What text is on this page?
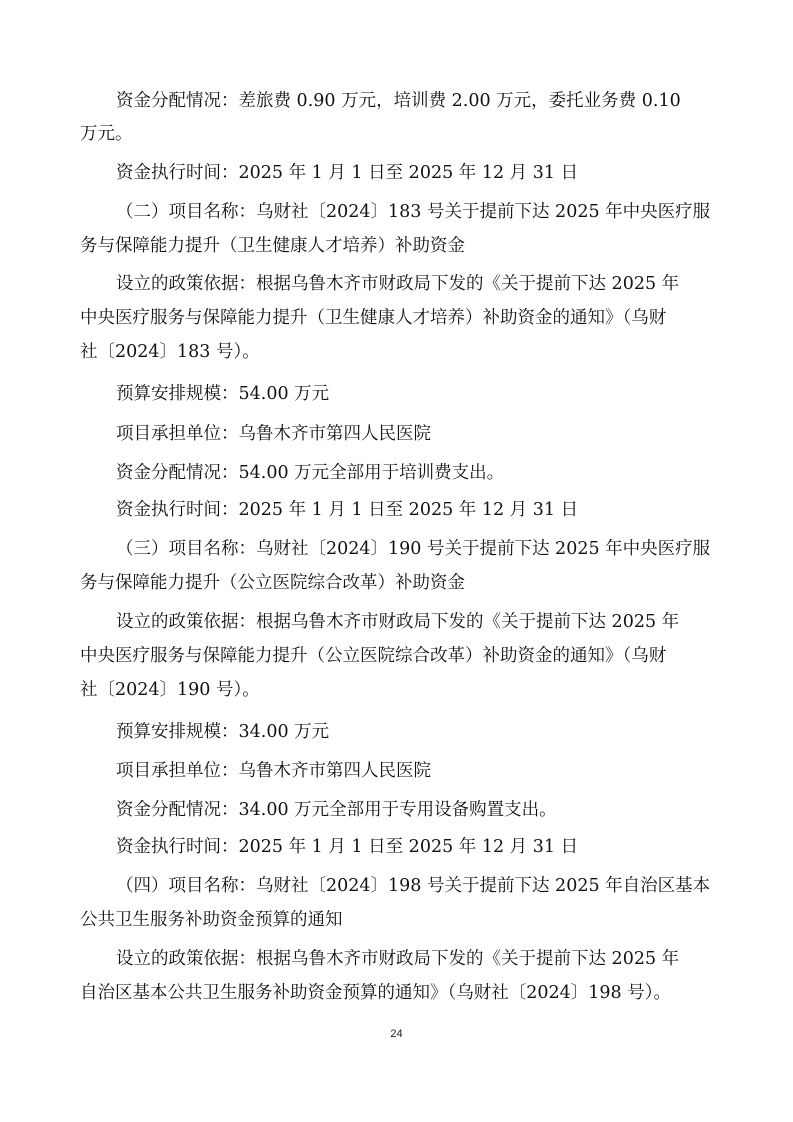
资金分配情况：差旅费 0.90 万元，培训费 2.00 万元，委托业务费 0.10
万元。
资金执行时间：2025 年 1 月 1 日至 2025 年 12 月 31 日
（二）项目名称：乌财社〔2024〕183 号关于提前下达 2025 年中央医疗服
务与保障能力提升（卫生健康人才培养）补助资金
设立的政策依据：根据乌鲁木齐市财政局下发的《关于提前下达 2025 年
中央医疗服务与保障能力提升（卫生健康人才培养）补助资金的通知》（乌财
社〔2024〕183 号）。
预算安排规模：54.00 万元
项目承担单位：乌鲁木齐市第四人民医院
资金分配情况：54.00 万元全部用于培训费支出。
资金执行时间：2025 年 1 月 1 日至 2025 年 12 月 31 日
（三）项目名称：乌财社〔2024〕190 号关于提前下达 2025 年中央医疗服
务与保障能力提升（公立医院综合改革）补助资金
设立的政策依据：根据乌鲁木齐市财政局下发的《关于提前下达 2025 年
中央医疗服务与保障能力提升（公立医院综合改革）补助资金的通知》（乌财
社〔2024〕190 号）。
预算安排规模：34.00 万元
项目承担单位：乌鲁木齐市第四人民医院
资金分配情况：34.00 万元全部用于专用设备购置支出。
资金执行时间：2025 年 1 月 1 日至 2025 年 12 月 31 日
（四）项目名称：乌财社〔2024〕198 号关于提前下达 2025 年自治区基本
公共卫生服务补助资金预算的通知
设立的政策依据：根据乌鲁木齐市财政局下发的《关于提前下达 2025 年
自治区基本公共卫生服务补助资金预算的通知》（乌财社〔2024〕198 号）。
24
